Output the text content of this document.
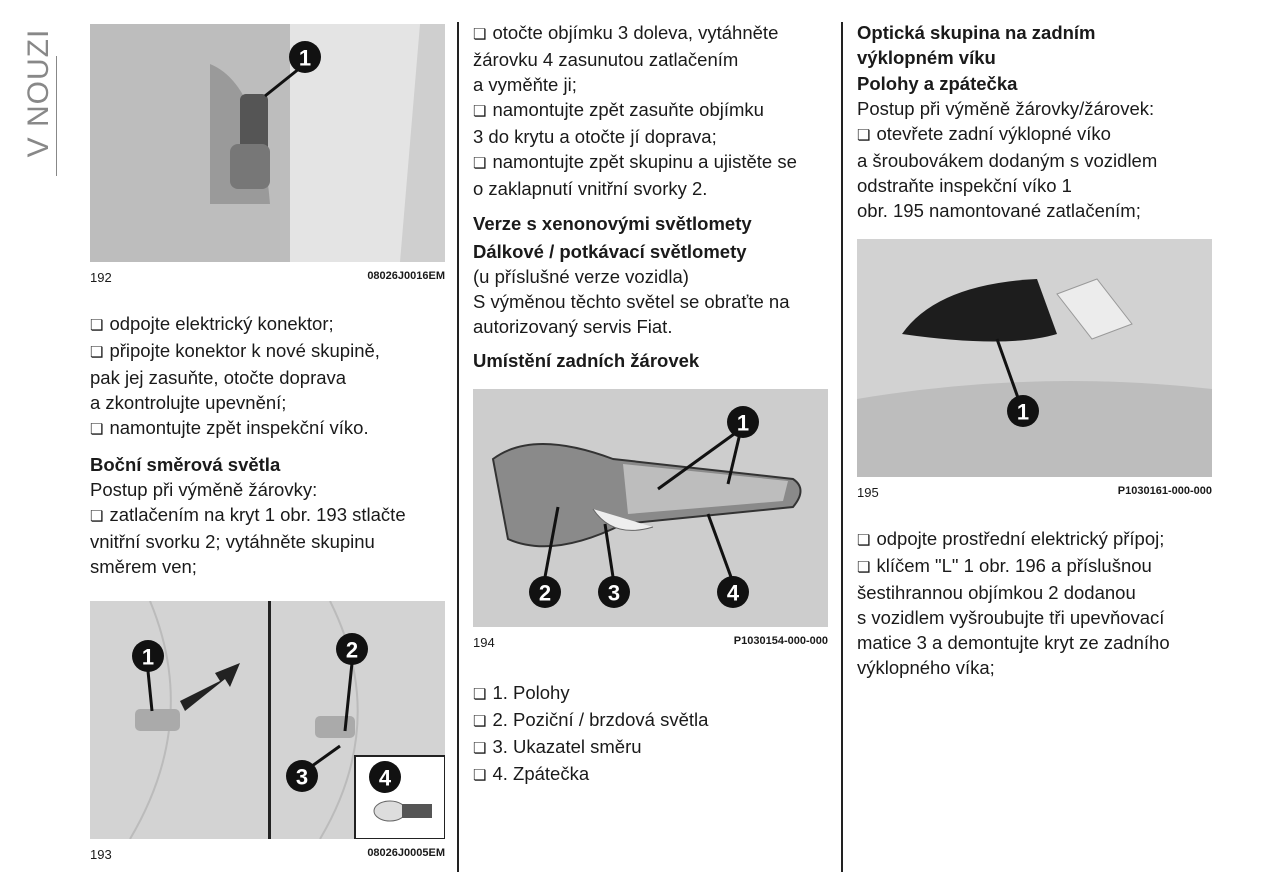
V NOUZI	1
192	08026J0016EM

❏ odpojte elektrický konektor;

❏ připojte konektor k nové skupině,

pak jej zasuňte, otočte doprava

a zkontrolujte upevnění;

❏ namontujte zpět inspekční víko.

Boční směrová světla

Postup při výměně žárovky:

❏ zatlačením na kryt 1 obr. 193 stlačte

vnitřní svorku 2; vytáhněte skupinu

směrem ven;

1	2
3	4
193	08026J0005EM

❏ otočte objímku 3 doleva, vytáhněte

žárovku 4 zasunutou zatlačením

a vyměňte ji;

❏ namontujte zpět zasuňte objímku

3 do krytu a otočte jí doprava;

❏ namontujte zpět skupinu a ujistěte se

o zaklapnutí vnitřní svorky 2.

Verze s xenonovými světlomety

Dálkové / potkávací světlomety

(u příslušné verze vozidla)

S výměnou těchto světel se obraťte na

autorizovaný servis Fiat.

Umístění zadních žárovek

1
2	3	4
194	P1030154-000-000

❏ 1. Polohy

❏ 2. Poziční / brzdová světla

❏ 3. Ukazatel směru

❏ 4. Zpátečka

Optická skupina na zadním

výklopném víku

Polohy a zpátečka

Postup při výměně žárovky/žárovek:

❏ otevřete zadní výklopné víko

a šroubovákem dodaným s vozidlem

odstraňte inspekční víko 1

obr. 195 namontované zatlačením;

1
195	P1030161-000-000

❏ odpojte prostřední elektrický přípoj;

❏ klíčem "L" 1 obr. 196 a příslušnou

šestihrannou objímkou 2 dodanou

s vozidlem vyšroubujte tři upevňovací

matice 3 a demontujte kryt ze zadního

výklopného víka;
